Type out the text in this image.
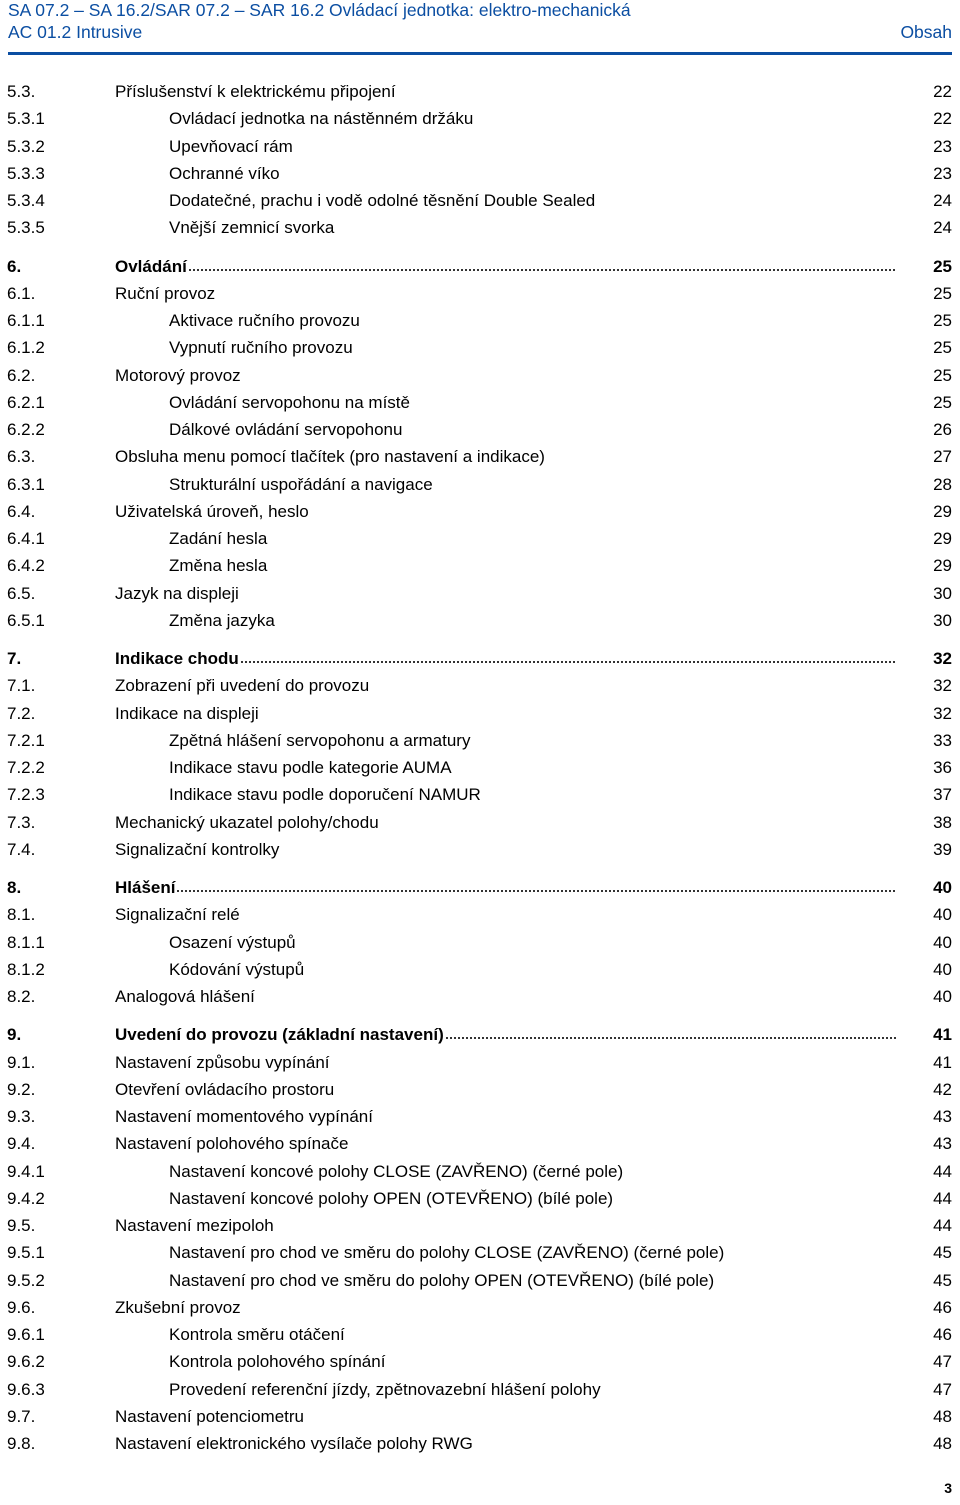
SA 07.2 – SA 16.2/SAR 07.2 – SAR 16.2 Ovládací jednotka: elektro-mechanická
AC 01.2 Intrusive	Obsah
5.3.	Příslušenství k elektrickému připojení	22
5.3.1	Ovládací jednotka na nástěnném držáku	22
5.3.2	Upevňovací rám	23
5.3.3	Ochranné víko	23
5.3.4	Dodatečné, prachu i vodě odolné těsnění Double Sealed	24
5.3.5	Vnější zemnicí svorka	24
6.	Ovládání	25
6.1.	Ruční provoz	25
6.1.1	Aktivace ručního provozu	25
6.1.2	Vypnutí ručního provozu	25
6.2.	Motorový provoz	25
6.2.1	Ovládání servopohonu na místě	25
6.2.2	Dálkové ovládání servopohonu	26
6.3.	Obsluha menu pomocí tlačítek (pro nastavení a indikace)	27
6.3.1	Strukturální uspořádání a navigace	28
6.4.	Uživatelská úroveň, heslo	29
6.4.1	Zadání hesla	29
6.4.2	Změna hesla	29
6.5.	Jazyk na displeji	30
6.5.1	Změna jazyka	30
7.	Indikace chodu	32
7.1.	Zobrazení při uvedení do provozu	32
7.2.	Indikace na displeji	32
7.2.1	Zpětná hlášení servopohonu a armatury	33
7.2.2	Indikace stavu podle kategorie AUMA	36
7.2.3	Indikace stavu podle doporučení NAMUR	37
7.3.	Mechanický ukazatel polohy/chodu	38
7.4.	Signalizační kontrolky	39
8.	Hlášení	40
8.1.	Signalizační relé	40
8.1.1	Osazení výstupů	40
8.1.2	Kódování výstupů	40
8.2.	Analogová hlášení	40
9.	Uvedení do provozu (základní nastavení)	41
9.1.	Nastavení způsobu vypínání	41
9.2.	Otevření ovládacího prostoru	42
9.3.	Nastavení momentového vypínání	43
9.4.	Nastavení polohového spínače	43
9.4.1	Nastavení koncové polohy CLOSE (ZAVŘENO) (černé pole)	44
9.4.2	Nastavení koncové polohy OPEN (OTEVŘENO) (bílé pole)	44
9.5.	Nastavení mezipoloh	44
9.5.1	Nastavení pro chod ve směru do polohy CLOSE (ZAVŘENO) (černé pole)	45
9.5.2	Nastavení pro chod ve směru do polohy OPEN (OTEVŘENO) (bílé pole)	45
9.6.	Zkušební provoz	46
9.6.1	Kontrola směru otáčení	46
9.6.2	Kontrola polohového spínání	47
9.6.3	Provedení referenční jízdy, zpětnovazební hlášení polohy	47
9.7.	Nastavení potenciometru	48
9.8.	Nastavení elektronického vysílače polohy RWG	48
3
